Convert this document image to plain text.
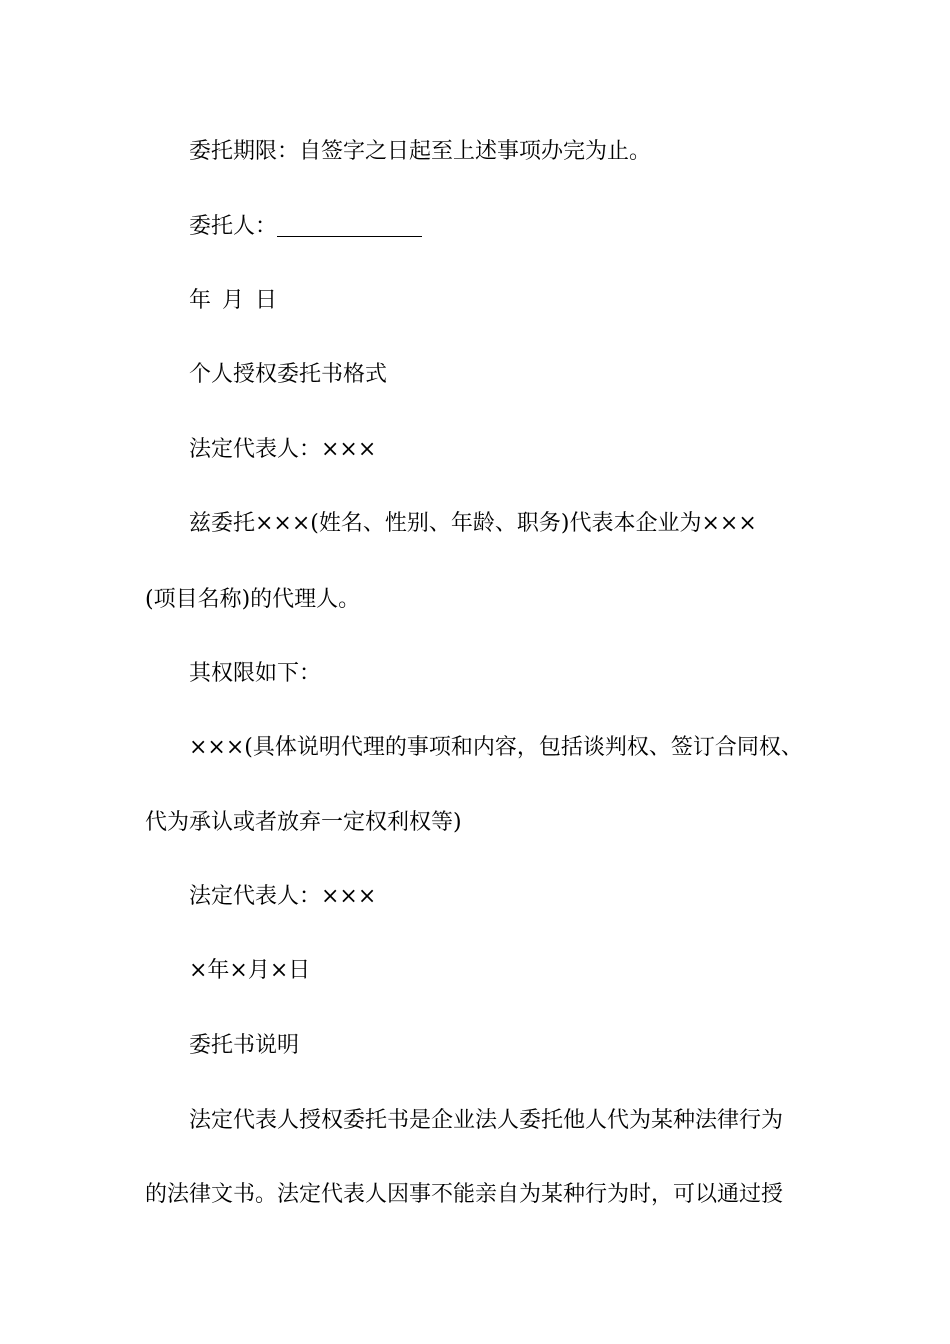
委托期限：自签字之日起至上述事项办完为止。
委托人：
年 月 日
个人授权委托书格式
法定代表人：×××
兹委托×××(姓名、性别、年龄、职务)代表本企业为×××
(项目名称)的代理人。
其权限如下：
×××(具体说明代理的事项和内容，包括谈判权、签订合同权、
代为承认或者放弃一定权利权等)
法定代表人：×××
×年×月×日
委托书说明
法定代表人授权委托书是企业法人委托他人代为某种法律行为
的法律文书。法定代表人因事不能亲自为某种行为时，可以通过授
